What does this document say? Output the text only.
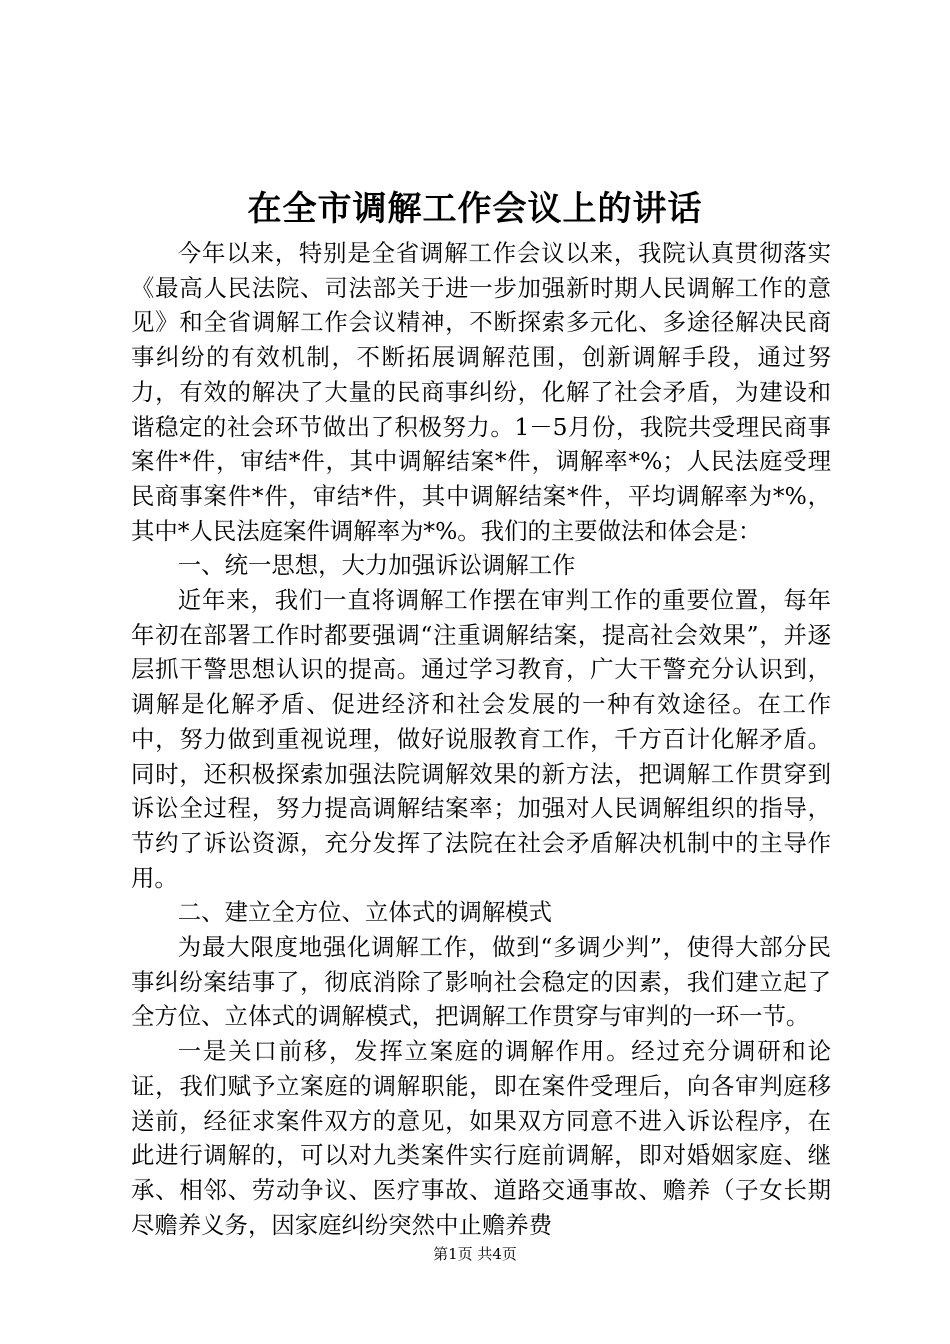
在全市调解工作会议上的讲话

今年以来，特别是全省调解工作会议以来，我院认真贯彻落实《最高人民法院、司法部关于进一步加强新时期人民调解工作的意见》和全省调解工作会议精神，不断探索多元化、多途径解决民商事纠纷的有效机制，不断拓展调解范围，创新调解手段，通过努力，有效的解决了大量的民商事纠纷，化解了社会矛盾，为建设和谐稳定的社会环节做出了积极努力。1－5月份，我院共受理民商事案件*件，审结*件，其中调解结案*件，调解率*%；人民法庭受理民商事案件*件，审结*件，其中调解结案*件，平均调解率为*%，其中*人民法庭案件调解率为*%。我们的主要做法和体会是：

一、统一思想，大力加强诉讼调解工作

近年来，我们一直将调解工作摆在审判工作的重要位置，每年年初在部署工作时都要强调“注重调解结案，提高社会效果”，并逐层抓干警思想认识的提高。通过学习教育，广大干警充分认识到，调解是化解矛盾、促进经济和社会发展的一种有效途径。在工作中，努力做到重视说理，做好说服教育工作，千方百计化解矛盾。同时，还积极探索加强法院调解效果的新方法，把调解工作贯穿到诉讼全过程，努力提高调解结案率；加强对人民调解组织的指导，节约了诉讼资源，充分发挥了法院在社会矛盾解决机制中的主导作用。

二、建立全方位、立体式的调解模式

为最大限度地强化调解工作，做到“多调少判”，使得大部分民事纠纷案结事了，彻底消除了影响社会稳定的因素，我们建立起了全方位、立体式的调解模式，把调解工作贯穿与审判的一环一节。

一是关口前移，发挥立案庭的调解作用。经过充分调研和论证，我们赋予立案庭的调解职能，即在案件受理后，向各审判庭移送前，经征求案件双方的意见，如果双方同意不进入诉讼程序，在此进行调解的，可以对九类案件实行庭前调解，即对婚姻家庭、继承、相邻、劳动争议、医疗事故、道路交通事故、赡养（子女长期尽赡养义务，因家庭纠纷突然中止赡养费

第1页 共4页
